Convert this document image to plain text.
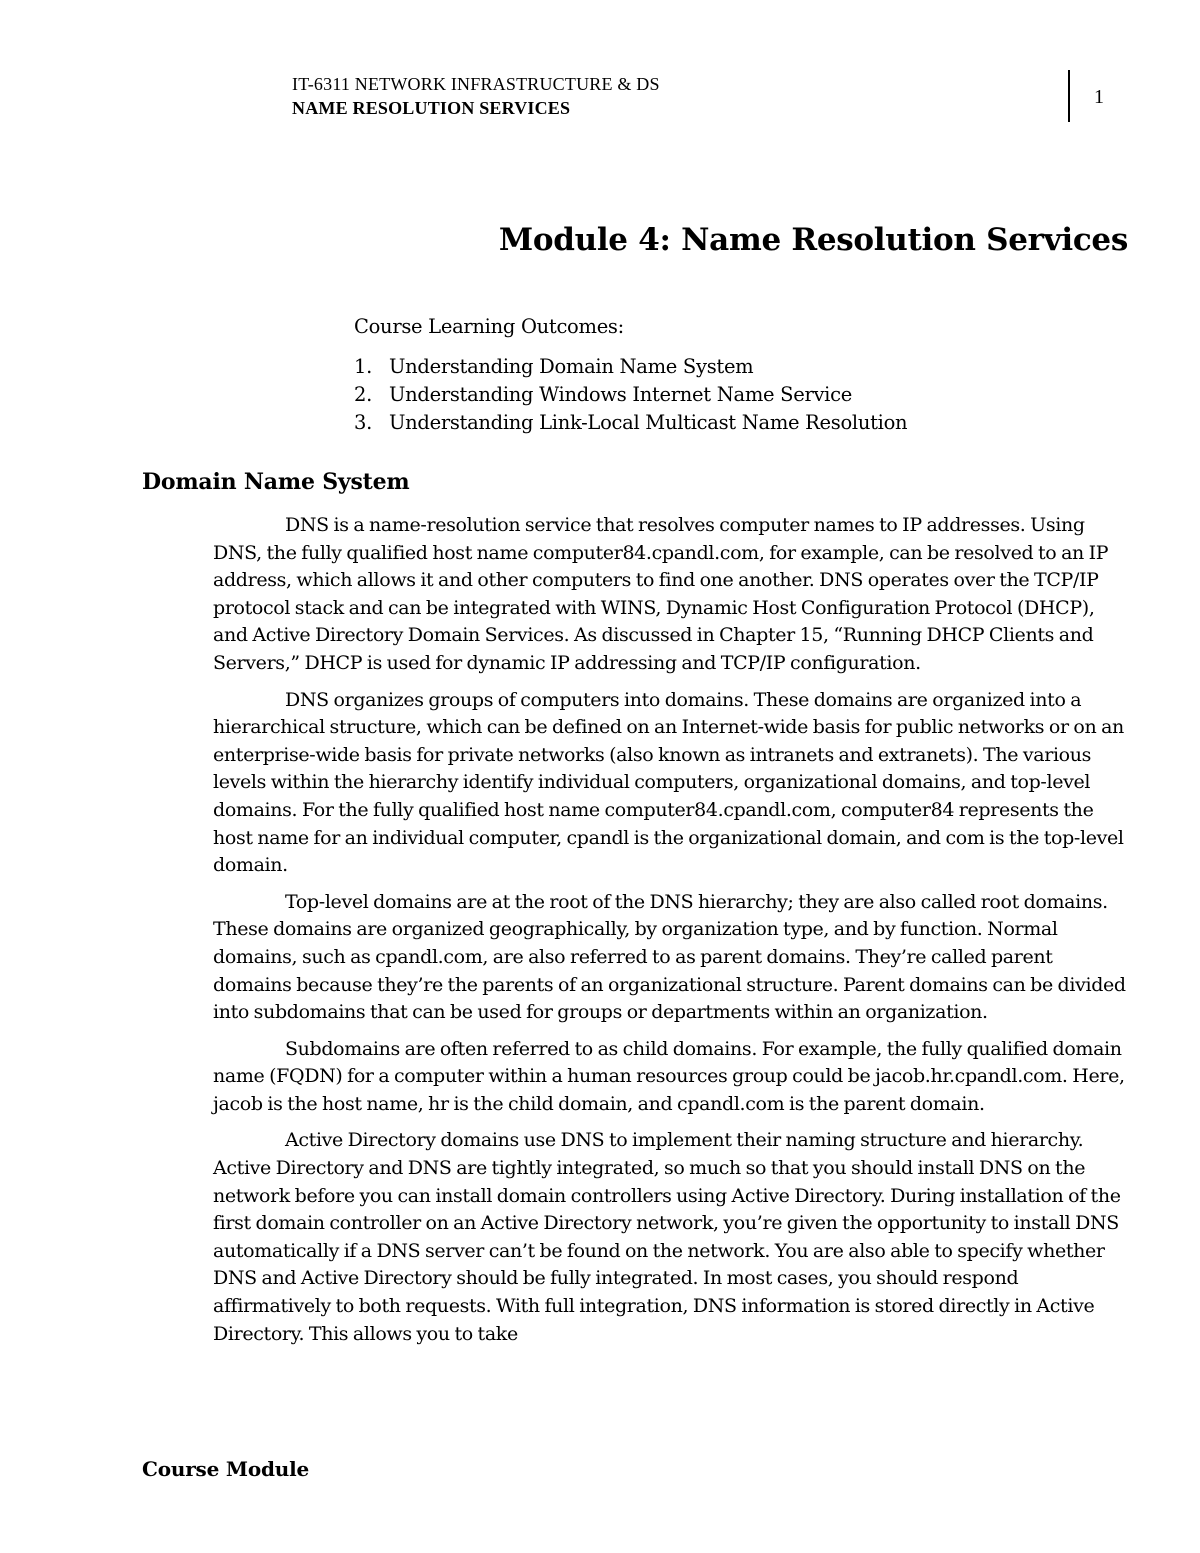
IT-6311 NETWORK INFRASTRUCTURE & DS
NAME RESOLUTION SERVICES	1
Module 4: Name Resolution Services
Course Learning Outcomes:
1. Understanding Domain Name System
2. Understanding Windows Internet Name Service
3. Understanding Link-Local Multicast Name Resolution
Domain Name System

DNS is a name-resolution service that resolves computer names to IP addresses. Using DNS, the fully qualified host name computer84.cpandl.com, for example, can be resolved to an IP address, which allows it and other computers to find one another. DNS operates over the TCP/IP protocol stack and can be integrated with WINS, Dynamic Host Configuration Protocol (DHCP), and Active Directory Domain Services. As discussed in Chapter 15, “Running DHCP Clients and Servers,” DHCP is used for dynamic IP addressing and TCP/IP configuration.

DNS organizes groups of computers into domains. These domains are organized into a hierarchical structure, which can be defined on an Internet-wide basis for public networks or on an enterprise-wide basis for private networks (also known as intranets and extranets). The various levels within the hierarchy identify individual computers, organizational domains, and top-level domains. For the fully qualified host name computer84.cpandl.com, computer84 represents the host name for an individual computer, cpandl is the organizational domain, and com is the top-level domain.

Top-level domains are at the root of the DNS hierarchy; they are also called root domains. These domains are organized geographically, by organization type, and by function. Normal domains, such as cpandl.com, are also referred to as parent domains. They’re called parent domains because they’re the parents of an organizational structure. Parent domains can be divided into subdomains that can be used for groups or departments within an organization.

Subdomains are often referred to as child domains. For example, the fully qualified domain name (FQDN) for a computer within a human resources group could be jacob.hr.cpandl.com. Here, jacob is the host name, hr is the child domain, and cpandl.com is the parent domain.

Active Directory domains use DNS to implement their naming structure and hierarchy. Active Directory and DNS are tightly integrated, so much so that you should install DNS on the network before you can install domain controllers using Active Directory. During installation of the first domain controller on an Active Directory network, you’re given the opportunity to install DNS automatically if a DNS server can’t be found on the network. You are also able to specify whether DNS and Active Directory should be fully integrated. In most cases, you should respond affirmatively to both requests. With full integration, DNS information is stored directly in Active Directory. This allows you to take

Course Module
